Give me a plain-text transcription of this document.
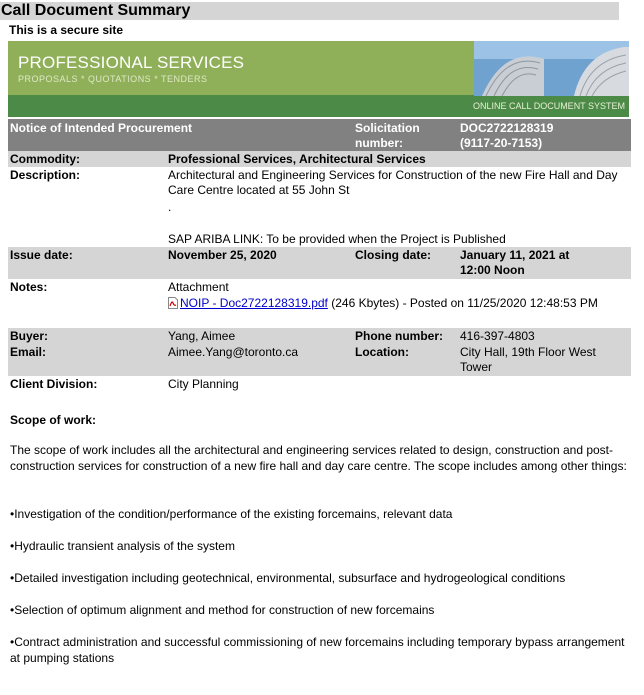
Call Document Summary
This is a secure site
PROFESSIONAL SERVICES
PROPOSALS * QUOTATIONS * TENDERS
ONLINE CALL DOCUMENT SYSTEM
Notice of Intended Procurement	Solicitation number:
DOC2722128319 (9117-20-7153)
Commodity:	Professional Services, Architectural Services
Description:	Architectural and Engineering Services for Construction of the new Fire Hall and Day Care Centre located at 55 John St
.
SAP ARIBA LINK: To be provided when the Project is Published
Issue date:	November 25, 2020	Closing date: January 11, 2021 at 12:00 Noon
Notes:	Attachment
NOIP - Doc2722128319.pdf (246 Kbytes) - Posted on 11/25/2020 12:48:53 PM
Buyer:	Yang, Aimee	Phone number: 416-397-4803
Email:	Aimee.Yang@toronto.ca	Location:	City Hall, 19th Floor West Tower
Client Division:	City Planning
Scope of work:
The scope of work includes all the architectural and engineering services related to design, construction and post-construction services for construction of a new fire hall and day care centre. The scope includes among other things:
•Investigation of the condition/performance of the existing forcemains, relevant data
•Hydraulic transient analysis of the system
•Detailed investigation including geotechnical, environmental, subsurface and hydrogeological conditions
•Selection of optimum alignment and method for construction of new forcemains
•Contract administration and successful commissioning of new forcemains including temporary bypass arrangement at pumping stations
